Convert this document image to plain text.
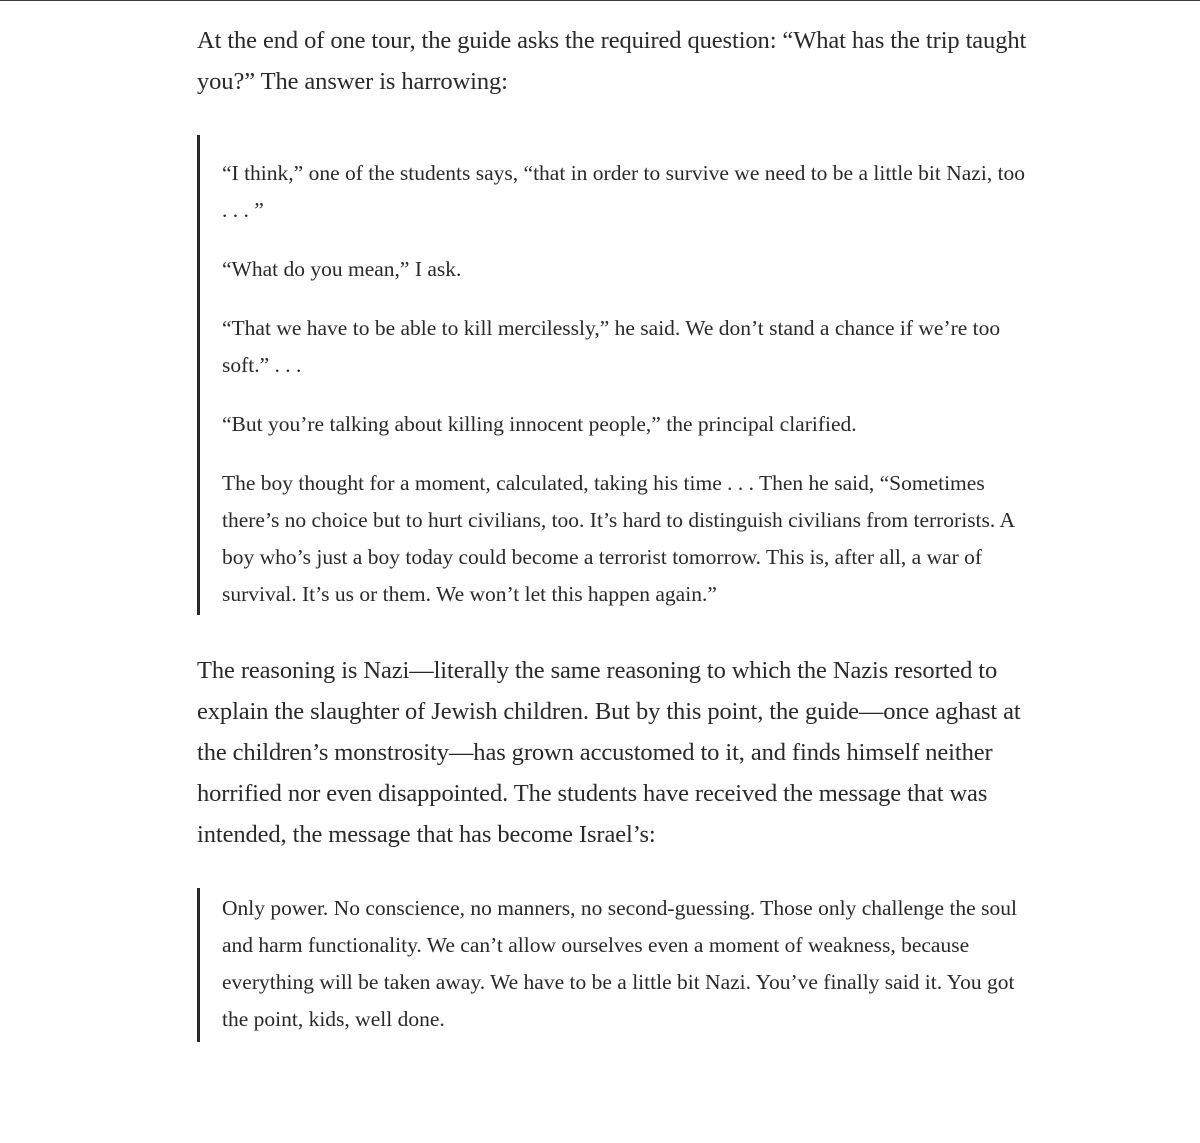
At the end of one tour, the guide asks the required question: “What has the trip taught you?” The answer is harrowing:

“I think,” one of the students says, “that in order to survive we need to be a little bit Nazi, too . . . ”

“What do you mean,” I ask.

“That we have to be able to kill mercilessly,” he said. We don’t stand a chance if we’re too soft.” . . .

“But you’re talking about killing innocent people,” the principal clarified.

The boy thought for a moment, calculated, taking his time . . . Then he said, “Sometimes there’s no choice but to hurt civilians, too. It’s hard to distinguish civilians from terrorists. A boy who’s just a boy today could become a terrorist tomorrow. This is, after all, a war of survival. It’s us or them. We won’t let this happen again.”

The reasoning is Nazi—literally the same reasoning to which the Nazis resorted to explain the slaughter of Jewish children. But by this point, the guide—once aghast at the children’s monstrosity—has grown accustomed to it, and finds himself neither horrified nor even disappointed. The students have received the message that was intended, the message that has become Israel’s:

Only power. No conscience, no manners, no second-guessing. Those only challenge the soul and harm functionality. We can’t allow ourselves even a moment of weakness, because everything will be taken away. We have to be a little bit Nazi. You’ve finally said it. You got the point, kids, well done.
